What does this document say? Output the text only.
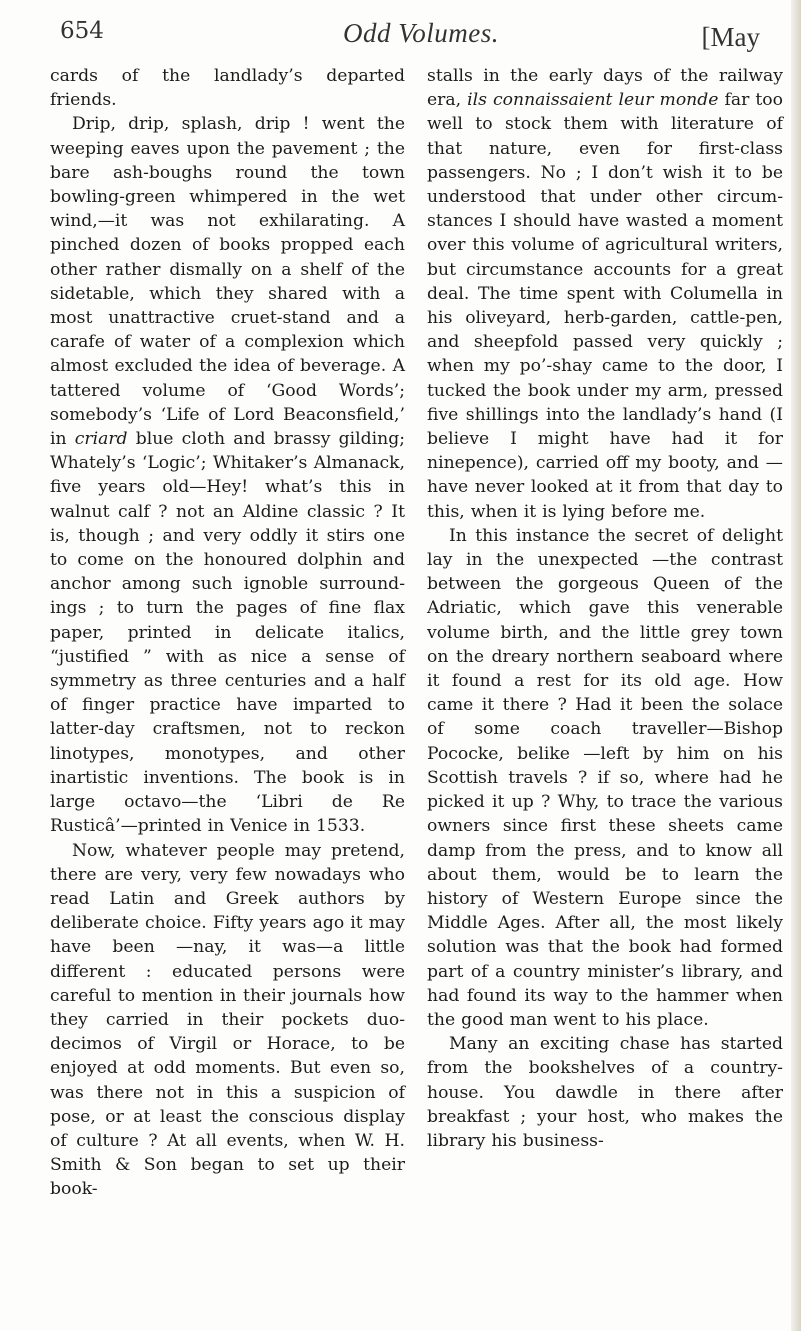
654	Odd Volumes.	[May

cards of the landlady’s departed friends.

Drip, drip, splash, drip ! went the weeping eaves upon the pavement ; the bare ash-boughs round the town bowling-green whimpered in the wet wind,—it was not exhilarating. A pinched dozen of books propped each other rather dismally on a shelf of the sidetable, which they shared with a most unattractive cruet-stand and a carafe of water of a complexion which almost excluded the idea of beverage. A tattered volume of ‘Good Words’; somebody’s ‘Life of Lord Beaconsfield,’ in criard blue cloth and brassy gilding; Whately’s ‘Logic’; Whitaker’s Almanack, five years old—Hey! what’s this in walnut calf ? not an Aldine classic ? It is, though ; and very oddly it stirs one to come on the honoured dolphin and anchor among such ignoble surroundings ; to turn the pages of fine flax paper, printed in delicate italics, “justified ” with as nice a sense of symmetry as three centuries and a half of finger practice have imparted to latter-day craftsmen, not to reckon linotypes, monotypes, and other inartistic inventions. The book is in large octavo—the ‘Libri de Re Rusticâ’—printed in Venice in 1533.

Now, whatever people may pretend, there are very, very few nowadays who read Latin and Greek authors by deliberate choice. Fifty years ago it may have been —nay, it was—a little different : educated persons were careful to mention in their journals how they carried in their pockets duodecimos of Virgil or Horace, to be enjoyed at odd moments. But even so, was there not in this a suspicion of pose, or at least the conscious display of culture ? At all events, when W. H. Smith & Son began to set up their book-

stalls in the early days of the railway era, ils connaissaient leur monde far too well to stock them with literature of that nature, even for first-class passengers. No ; I don’t wish it to be understood that under other circumstances I should have wasted a moment over this volume of agricultural writers, but circumstance accounts for a great deal. The time spent with Columella in his oliveyard, herb-garden, cattle-pen, and sheepfold passed very quickly ; when my po’-shay came to the door, I tucked the book under my arm, pressed five shillings into the landlady’s hand (I believe I might have had it for ninepence), carried off my booty, and — have never looked at it from that day to this, when it is lying before me.

In this instance the secret of delight lay in the unexpected —the contrast between the gorgeous Queen of the Adriatic, which gave this venerable volume birth, and the little grey town on the dreary northern seaboard where it found a rest for its old age. How came it there ? Had it been the solace of some coach traveller—Bishop Pococke, belike —left by him on his Scottish travels ? if so, where had he picked it up ? Why, to trace the various owners since first these sheets came damp from the press, and to know all about them, would be to learn the history of Western Europe since the Middle Ages. After all, the most likely solution was that the book had formed part of a country minister’s library, and had found its way to the hammer when the good man went to his place.

Many an exciting chase has started from the bookshelves of a country-house. You dawdle in there after breakfast ; your host, who makes the library his business-
